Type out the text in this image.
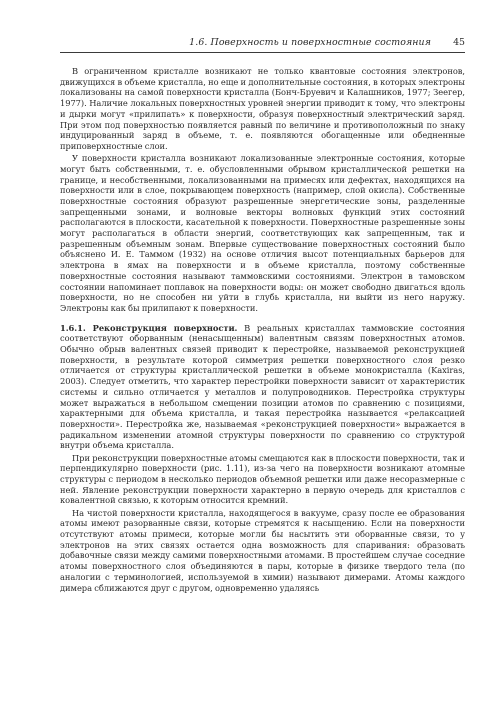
1.6. Поверхность и поверхностные состояния 45

В ограниченном кристалле возникают не только квантовые состояния электронов, движущихся в объеме кристалла, но еще и дополнительные состояния, в которых электроны локализованы на самой поверхности кристалла (Бонч-Бруевич и Калашников, 1977; Зеегер, 1977). Наличие локальных поверхностных уровней энергии приводит к тому, что электроны и дырки могут «прилипать» к поверхности, образуя поверхностный электрический заряд. При этом под поверхностью появляется равный по величине и противоположный по знаку индуцированный заряд в объеме, т. е. появляются обогащенные или обедненные приповерхностные слои.

У поверхности кристалла возникают локализованные электронные состояния, которые могут быть собственными, т. е. обусловленными обрывом кристаллической решетки на границе, и несобственными, локализованными на примесях или дефектах, находящихся на поверхности или в слое, покрывающем поверхность (например, слой окисла). Собственные поверхностные состояния образуют разрешенные энергетические зоны, разделенные запрещенными зонами, и волновые векторы волновых функций этих состояний располагаются в плоскости, касательной к поверхности. Поверхностные разрешенные зоны могут располагаться в области энергий, соответствующих как запрещенным, так и разрешенным объемным зонам. Впервые существование поверхностных состояний было объяснено И. Е. Таммом (1932) на основе отличия высот потенциальных барьеров для электрона в ямах на поверхности и в объеме кристалла, поэтому собственные поверхностные состояния называют таммовскими состояниями. Электрон в тамовском состоянии напоминает поплавок на поверхности воды: он может свободно двигаться вдоль поверхности, но не способен ни уйти в глубь кристалла, ни выйти из него наружу. Электроны как бы прилипают к поверхности.

1.6.1. Реконструкция поверхности. В реальных кристаллах таммовские состояния соответствуют оборванным (ненасыщенным) валентным связям поверхностных атомов. Обычно обрыв валентных связей приводит к перестройке, называемой реконструкцией поверхности, в результате которой симметрия решетки поверхностного слоя резко отличается от структуры кристаллической решетки в объеме монокристалла (Kaxiras, 2003). Следует отметить, что характер перестройки поверхности зависит от характеристик системы и сильно отличается у металлов и полупроводников. Перестройка структуры может выражаться в небольшом смещении позиции атомов по сравнению с позициями, характерными для объема кристалла, и такая перестройка называется «релаксацией поверхности». Перестройка же, называемая «реконструкцией поверхности» выражается в радикальном изменении атомной структуры поверхности по сравнению со структурой внутри объема кристалла.

При реконструкции поверхностные атомы смещаются как в плоскости поверхности, так и перпендикулярно поверхности (рис. 1.11), из-за чего на поверхности возникают атомные структуры с периодом в несколько периодов объемной решетки или даже несоразмерные с ней. Явление реконструкции поверхности характерно в первую очередь для кристаллов с ковалентной связью, к которым относится кремний.

На чистой поверхности кристалла, находящегося в вакууме, сразу после ее образования атомы имеют разорванные связи, которые стремятся к насыщению. Если на поверхности отсутствуют атомы примеси, которые могли бы насытить эти оборванные связи, то у электронов на этих связях остается одна возможность для спаривания: образовать добавочные связи между самими поверхностными атомами. В простейшем случае соседние атомы поверхностного слоя объединяются в пары, которые в физике твердого тела (по аналогии с терминологией, используемой в химии) называют димерами. Атомы каждого димера сближаются друг с другом, одновременно удаляясь
